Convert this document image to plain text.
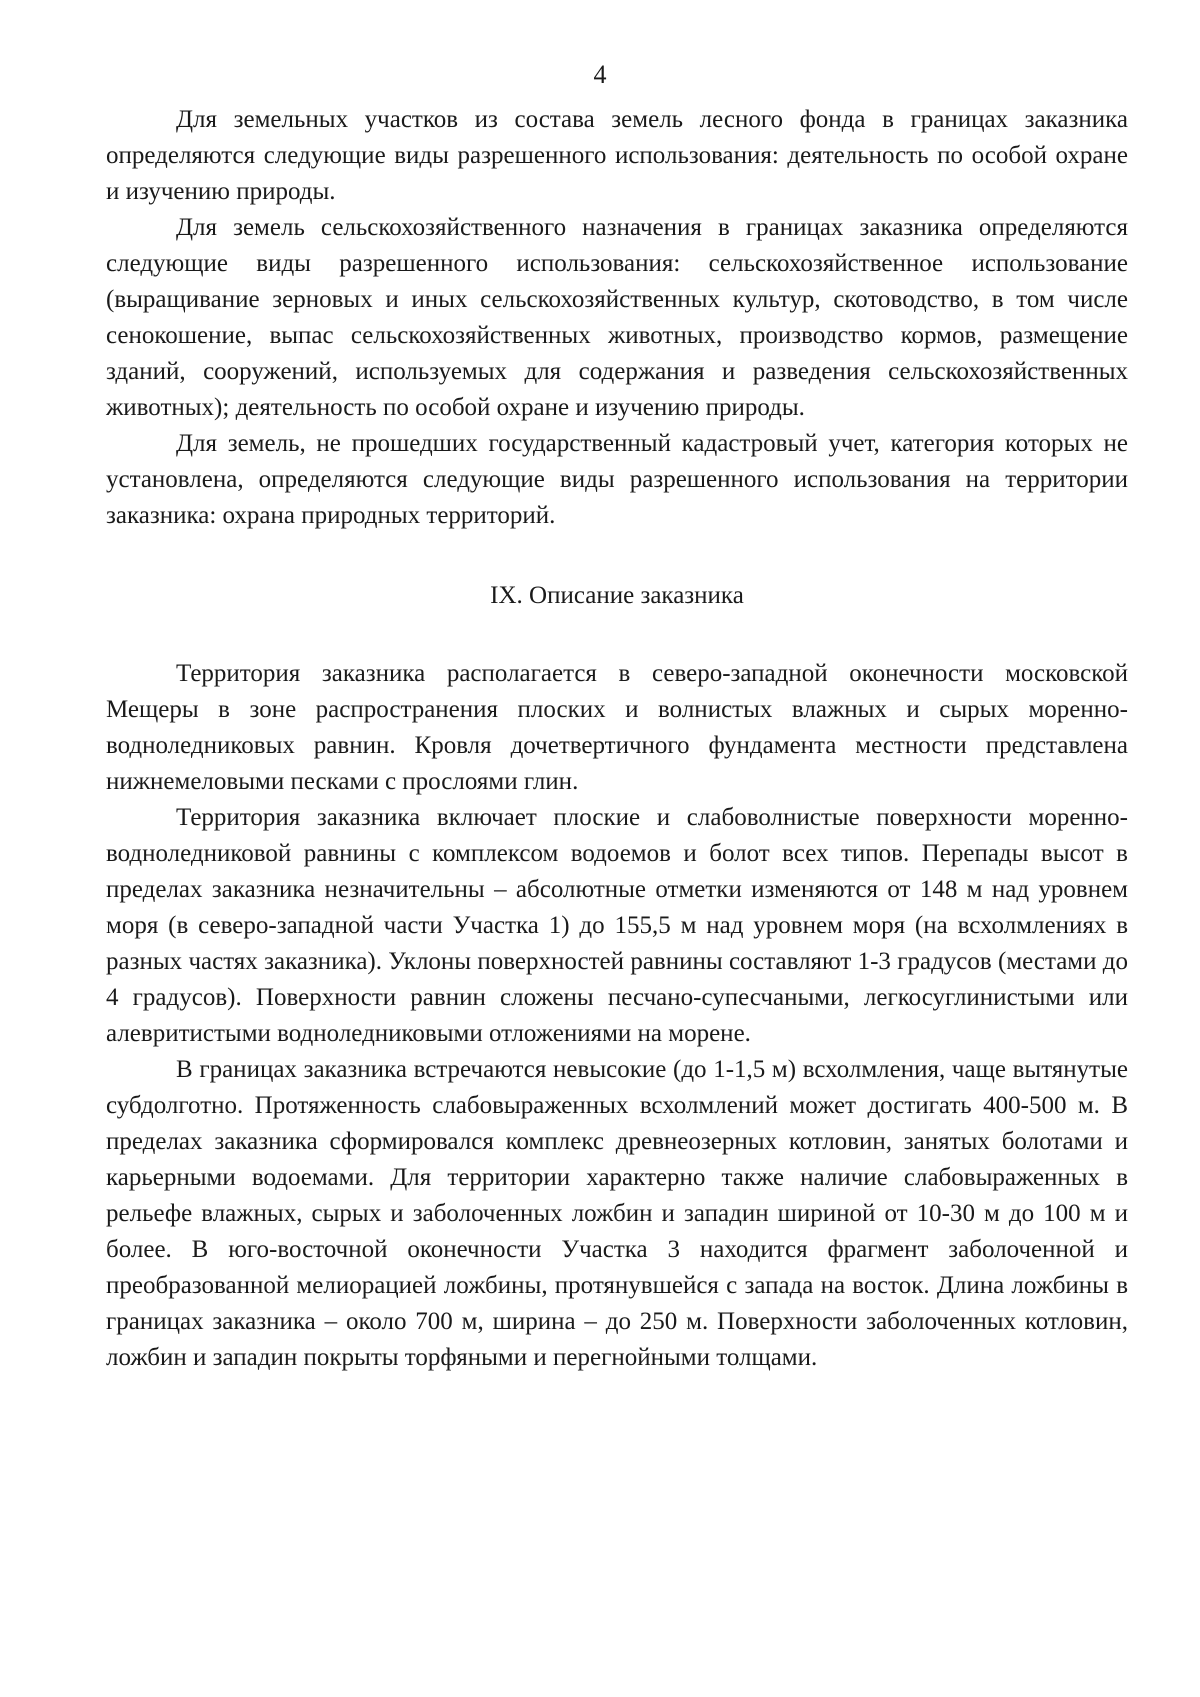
4

Для земельных участков из состава земель лесного фонда в границах заказника определяются следующие виды разрешенного использования: деятельность по особой охране и изучению природы.

Для земель сельскохозяйственного назначения в границах заказника определяются следующие виды разрешенного использования: сельскохозяйственное использование (выращивание зерновых и иных сельскохозяйственных культур, скотоводство, в том числе сенокошение, выпас сельскохозяйственных животных, производство кормов, размещение зданий, сооружений, используемых для содержания и разведения сельскохозяйственных животных); деятельность по особой охране и изучению природы.

Для земель, не прошедших государственный кадастровый учет, категория которых не установлена, определяются следующие виды разрешенного использования на территории заказника: охрана природных территорий.

IX. Описание заказника

Территория заказника располагается в северо-западной оконечности московской Мещеры в зоне распространения плоских и волнистых влажных и сырых моренно-водноледниковых равнин. Кровля дочетвертичного фундамента местности представлена нижнемеловыми песками с прослоями глин.

Территория заказника включает плоские и слабоволнистые поверхности моренно-водноледниковой равнины с комплексом водоемов и болот всех типов. Перепады высот в пределах заказника незначительны – абсолютные отметки изменяются от 148 м над уровнем моря (в северо-западной части Участка 1) до 155,5 м над уровнем моря (на всхолмлениях в разных частях заказника). Уклоны поверхностей равнины составляют 1-3 градусов (местами до 4 градусов). Поверхности равнин сложены песчано-супесчаными, легкосуглинистыми или алевритистыми водноледниковыми отложениями на морене.

В границах заказника встречаются невысокие (до 1-1,5 м) всхолмления, чаще вытянутые субдолготно. Протяженность слабовыраженных всхолмлений может достигать 400-500 м. В пределах заказника сформировался комплекс древнеозерных котловин, занятых болотами и карьерными водоемами. Для территории характерно также наличие слабовыраженных в рельефе влажных, сырых и заболоченных ложбин и западин шириной от 10-30 м до 100 м и более. В юго-восточной оконечности Участка 3 находится фрагмент заболоченной и преобразованной мелиорацией ложбины, протянувшейся с запада на восток. Длина ложбины в границах заказника – около 700 м, ширина – до 250 м. Поверхности заболоченных котловин, ложбин и западин покрыты торфяными и перегнойными толщами.
